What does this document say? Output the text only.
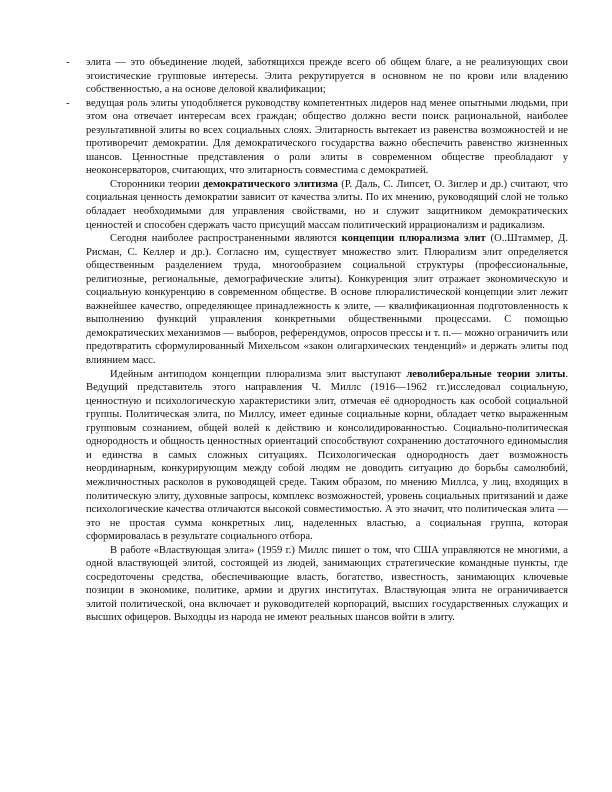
- элита — это объединение людей, заботящихся прежде всего об общем благе, а не реализующих свои эгоистические групповые интересы. Элита рекрутируется в основном не по крови или владению собственностью, а на основе деловой квалификации;

- ведущая роль элиты уподобляется руководству компетентных лидеров над менее опытными людьми, при этом она отвечает интересам всех граждан; общество должно вести поиск рациональной, наиболее результативной элиты во всех социальных слоях. Элитарность вытекает из равенства возможностей и не противоречит демократии. Для демократического государства важно обеспечить равенство жизненных шансов. Ценностные представления о роли элиты в современном обществе преобладают у неоконсерваторов, считающих, что элитарность совместима с демократией.

Сторонники теории демократического элитизма (Р. Даль, С. Липсет, О. Зиглер и др.) считают, что социальная ценность демократии зависит от качества элиты. По их мнению, руководящий слой не только обладает необходимыми для управления свойствами, но и служит защитником демократических ценностей и способен сдержать часто присущий массам политический иррационализм и радикализм.

Сегодня наиболее распространенными являются концепции плюрализма элит (О..Штаммер, Д. Рисман, С. Келлер и др.). Согласно им, существует множество элит. Плюрализм элит определяется общественным разделением труда, многообразием социальной структуры (профессиональные, религиозные, региональные, демографические элиты). Конкуренция элит отражает экономическую и социальную конкуренцию в современном обществе. В основе плюралистической концепции элит лежит важнейшее качество, определяющее принадлежность к элите, — квалификационная подготовленность к выполнению функций управления конкретными общественными процессами. С помощью демократических механизмов — выборов, референдумов, опросов прессы и т. п.— можно ограничить или предотвратить сформулированный Михельсом «закон олигархических тенденций» и держать элиты под влиянием масс.

Идейным антиподом концепции плюрализма элит выступают леволиберальные теории элиты. Ведущий представитель этого направления Ч. Миллс (1916—1962 гг.)исследовал социальную, ценностную и психологическую характеристики элит, отмечая её однородность как особой социальной группы. Политическая элита, по Миллсу, имеет единые социальные корни, обладает четко выраженным групповым сознанием, общей волей к действию и консолидированностью. Социально-политическая однородность и общность ценностных ориентаций способствуют сохранению достаточного единомыслия и единства в самых сложных ситуациях. Психологическая однородность дает возможность неординарным, конкурирующим между собой людям не доводить ситуацию до борьбы самолюбий, межличностных расколов в руководящей среде. Таким образом, по мнению Миллса, у лиц, входящих в политическую элиту, духовные запросы, комплекс возможностей, уровень социальных притязаний и даже психологические качества отличаются высокой совместимостью. А это значит, что политическая элита — это не простая сумма конкретных лиц, наделенных властью, а социальная группа, которая сформировалась в результате социального отбора.

В работе «Властвующая элита» (1959 г.) Миллс пишет о том, что США управляются не многими, а одной властвующей элитой, состоящей из людей, занимающих стратегические командные пункты, где сосредоточены средства, обеспечивающие власть, богатство, известность, занимающих ключевые позиции в экономике, политике, армии и других институтах. Властвующая элита не ограничивается элитой политической, она включает и руководителей корпораций, высших государственных служащих и высших офицеров. Выходцы из народа не имеют реальных шансов войти в элиту.
